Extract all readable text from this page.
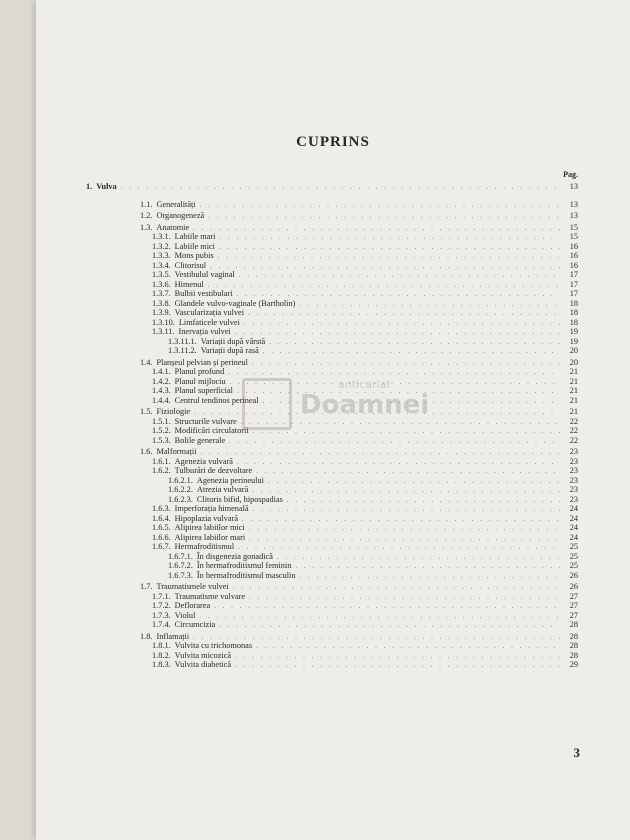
CUPRINS
Pag.
anticariat
Doamnei
1. Vulva . . .	13
1.1. Generalități . . .	13
1.2. Organogeneză . . .	13
1.3. Anatomie . . .	15
1.3.1. Labiile mari . . .	15
1.3.2. Labiile mici . . .	16
1.3.3. Mons pubis . . .	16
1.3.4. Clitorisul . . .	16
1.3.5. Vestibulul vaginal . . .	17
1.3.6. Himenul . . .	17
1.3.7. Bulbii vestibulari . . .	17
1.3.8. Glandele vulvo-vaginale (Bartholin) . . .	18
1.3.9. Vascularizația vulvei . . .	18
1.3.10. Limfaticele vulvei . . .	18
1.3.11. Inervația vulvei . . .	19
1.3.11.1. Variații după vârstă . . .	19
1.3.11.2. Variații după rasă . . .	20
1.4. Planșeul pelvian și perineul . . .	20
1.4.1. Planul profund . . .	21
1.4.2. Planul mijlociu . . .	21
1.4.3. Planul superficial . . .	21
1.4.4. Centrul tendinos perineal . . .	21
1.5. Fiziologie . . .	21
1.5.1. Structurile vulvare . . .	22
1.5.2. Modificări circulatorii . . .	22
1.5.3. Bolile generale . . .	22
1.6. Malformații . . .	23
1.6.1. Agenezia vulvară . . .	23
1.6.2. Tulburări de dezvoltare . . .	23
1.6.2.1. Agenezia perineului . . .	23
1.6.2.2. Atrezia vulvară . . .	23
1.6.2.3. Clitoris bifid, hipospadias . . .	23
1.6.3. Imperforația himenală . . .	24
1.6.4. Hipoplazia vulvară . . .	24
1.6.5. Alipirea labiilor mici . . .	24
1.6.6. Alipirea labiilor mari . . .	24
1.6.7. Hermafroditismul . . .	25
1.6.7.1. În disgenezia gonadică . . .	25
1.6.7.2. În hermafroditismul feminin . . .	25
1.6.7.3. În hermafroditismul masculin . . .	26
1.7. Traumatismele vulvei . . .	26
1.7.1. Traumatisme vulvare . . .	27
1.7.2. Deflorarea . . .	27
1.7.3. Violul . . .	27
1.7.4. Circumcizia . . .	28
1.8. Inflamații . . .	28
1.8.1. Vulvita cu trichomonas . . .	28
1.8.2. Vulvita micozică . . .	28
1.8.3. Vulvita diabetică . . .	29
3
